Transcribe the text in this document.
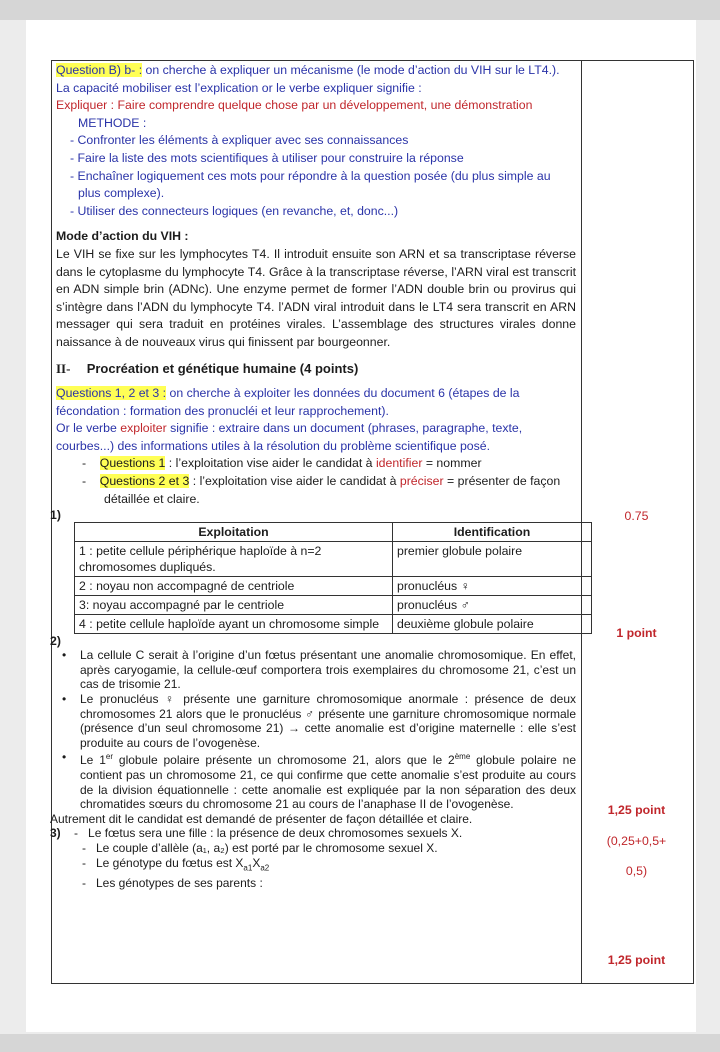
Question B) b- : on cherche à expliquer un mécanisme (le mode d’action du VIH sur le LT4.).

La capacité mobiliser est l’explication or le verbe expliquer signifie :

Expliquer : Faire comprendre quelque chose par un développement, une démonstration

METHODE :

- Confronter les éléments à expliquer avec ses connaissances

- Faire la liste des mots scientifiques à utiliser pour construire la réponse

- Enchaîner logiquement ces mots pour répondre à la question posée (du plus simple au plus complexe).

- Utiliser des connecteurs logiques (en revanche, et, donc...)

Mode d’action du VIH :

Le VIH se fixe sur les lymphocytes T4. Il introduit ensuite son ARN et sa transcriptase réverse dans le cytoplasme du lymphocyte T4. Grâce à la transcriptase réverse, l’ARN viral est transcrit en ADN simple brin (ADNc). Une enzyme permet de former l’ADN double brin ou provirus qui s’intègre dans l’ADN du lymphocyte T4. l’ADN viral introduit dans le LT4 sera transcrit en ARN messager qui sera traduit en protéines virales. L’assemblage des structures virales donne naissance à de nouveaux virus qui finissent par bourgeonner.

II- Procréation et génétique humaine (4 points)

Questions 1, 2 et 3 : on cherche à exploiter les données du document 6 (étapes de la fécondation : formation des pronucléi et leur rapprochement).

Or le verbe exploiter signifie : extraire dans un document (phrases, paragraphe, texte, courbes...) des informations utiles à la résolution du problème scientifique posé.

-    Questions 1 : l’exploitation vise aider le candidat à identifier = nommer

-    Questions 2 et 3 : l’exploitation vise aider le candidat à préciser = présenter de façon détaillée et claire.

1)

Exploitation	Identification
1 : petite cellule périphérique haploïde à n=2 chromosomes dupliqués.	premier globule polaire
2 : noyau non accompagné de centriole	pronucléus ♀
3: noyau accompagné par le centriole	pronucléus ♂
4 : petite cellule haploïde ayant un chromosome simple	deuxième globule polaire

2)

• La cellule C serait à l’origine d’un fœtus présentant une anomalie chromosomique. En effet, après caryogamie, la cellule-œuf comportera trois exemplaires du chromosome 21, c’est un cas de trisomie 21.
• Le pronucléus ♀ présente une garniture chromosomique anormale : présence de deux chromosomes 21 alors que le pronucléus ♂ présente une garniture chromosomique normale (présence d’un seul chromosome 21) → cette anomalie est d’origine maternelle : elle s’est produite au cours de l’ovogenèse.
• Le 1er globule polaire présente un chromosome 21, alors que le 2ème globule polaire ne contient pas un chromosome 21, ce qui confirme que cette anomalie s’est produite au cours de la division équationnelle : cette anomalie est expliquée par la non séparation des deux chromatides sœurs du chromosome 21 au cours de l’anaphase II de l’ovogenèse.

Autrement dit le candidat est demandé de présenter de façon détaillée et claire.

3)    -   Le fœtus sera une fille : la présence de deux chromosomes sexuels X.

-   Le couple d’allèle (a₁, a₂) est porté par le chromosome sexuel X.

-   Le génotype du fœtus est $X_{a1}X_{a2}$

-   Les génotypes de ses parents :

0.75
1 point
1,25 point
(0,25+0,5+
0,5)
1,25 point
